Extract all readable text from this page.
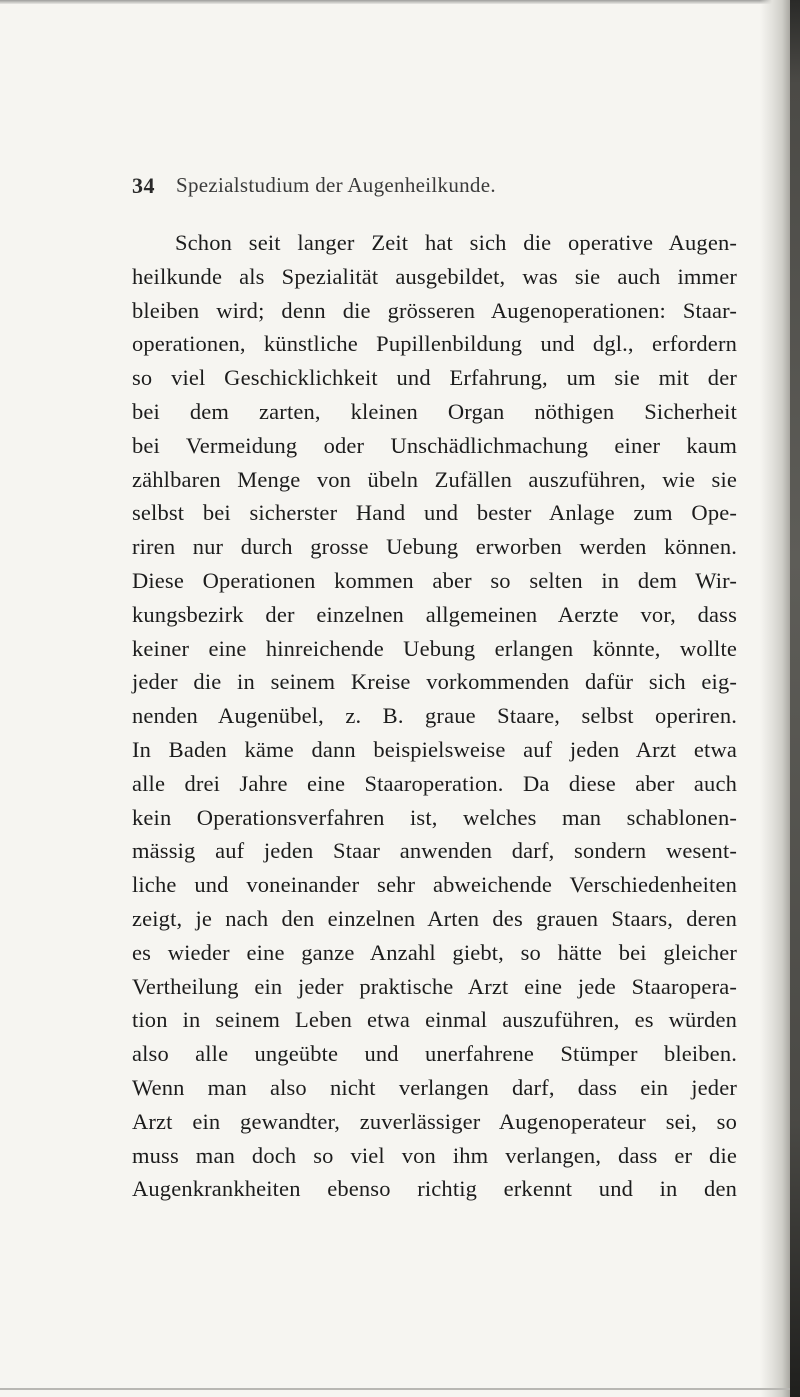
34 Spezialstudium der Augenheilkunde.
Schon seit langer Zeit hat sich die operative Augen-
heilkunde als Spezialität ausgebildet, was sie auch immer
bleiben wird; denn die grösseren Augenoperationen: Staar-
operationen, künstliche Pupillenbildung und dgl., erfordern
so viel Geschicklichkeit und Erfahrung, um sie mit der
bei dem zarten, kleinen Organ nöthigen Sicherheit
bei Vermeidung oder Unschädlichmachung einer kaum
zählbaren Menge von übeln Zufällen auszuführen, wie sie
selbst bei sicherster Hand und bester Anlage zum Ope-
riren nur durch grosse Uebung erworben werden können.
Diese Operationen kommen aber so selten in dem Wir-
kungsbezirk der einzelnen allgemeinen Aerzte vor, dass
keiner eine hinreichende Uebung erlangen könnte, wollte
jeder die in seinem Kreise vorkommenden dafür sich eig-
nenden Augenübel, z. B. graue Staare, selbst operiren.
In Baden käme dann beispielsweise auf jeden Arzt etwa
alle drei Jahre eine Staaroperation. Da diese aber auch
kein Operationsverfahren ist, welches man schablonen-
mässig auf jeden Staar anwenden darf, sondern wesent-
liche und voneinander sehr abweichende Verschiedenheiten
zeigt, je nach den einzelnen Arten des grauen Staars, deren
es wieder eine ganze Anzahl giebt, so hätte bei gleicher
Vertheilung ein jeder praktische Arzt eine jede Staaropera-
tion in seinem Leben etwa einmal auszuführen, es würden
also alle ungeübte und unerfahrene Stümper bleiben.
Wenn man also nicht verlangen darf, dass ein jeder
Arzt ein gewandter, zuverlässiger Augenoperateur sei, so
muss man doch so viel von ihm verlangen, dass er die
Augenkrankheiten ebenso richtig erkennt und in den
